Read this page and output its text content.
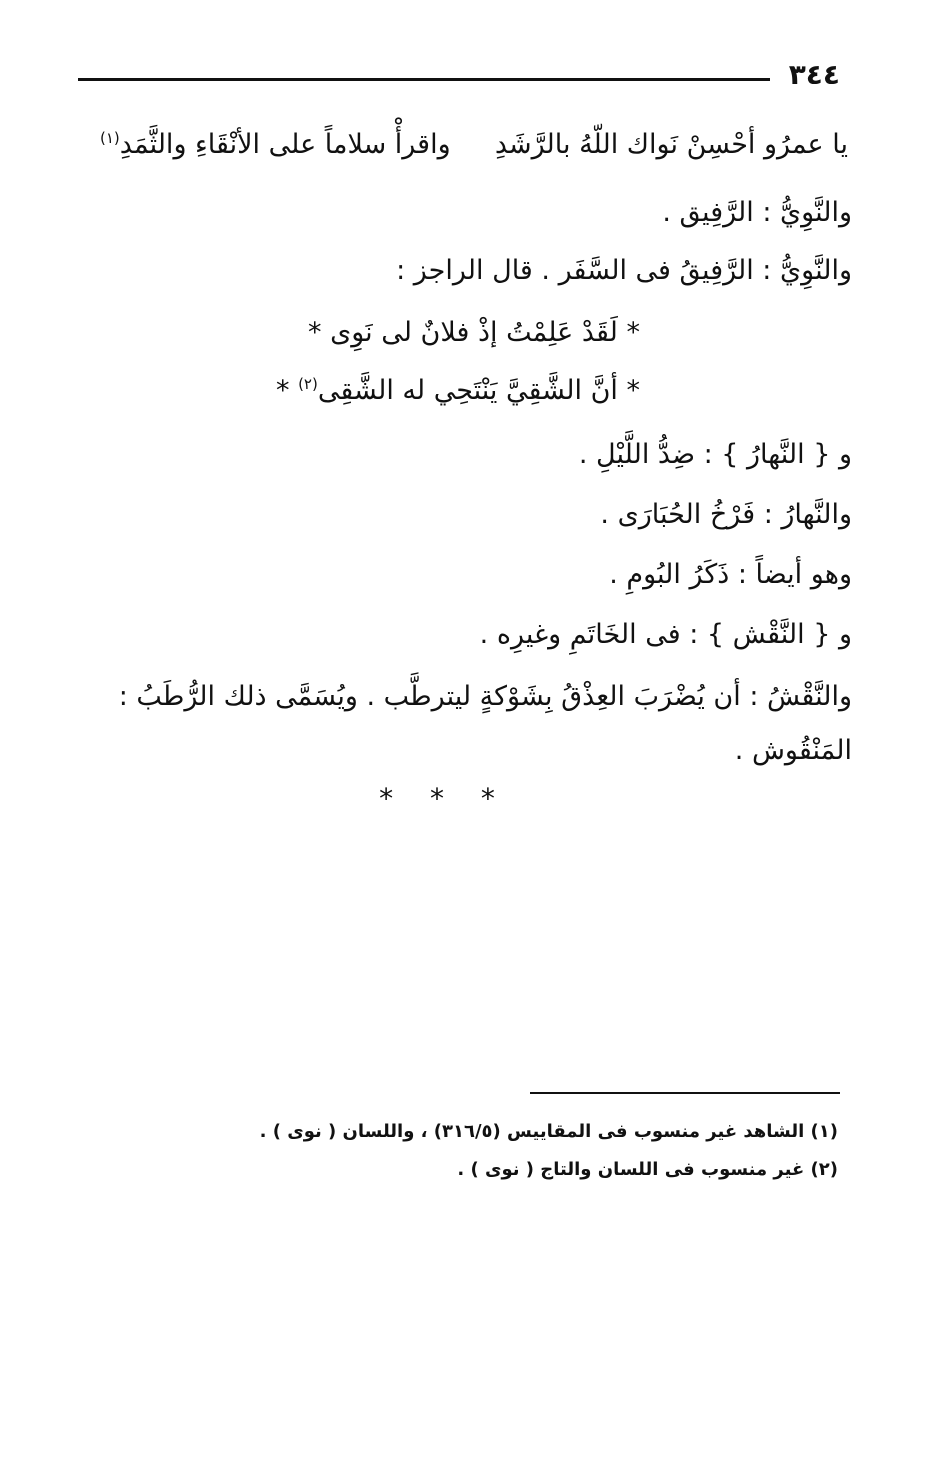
٣٤٤
يا عمرُو أحْسِنْ نَواك اللّهُ بالرَّشَدِ
واقرأْ سلاماً على الأنْقَاءِ والثَّمَدِ$^{(١)}$
والنَّوِيُّ : الرَّفِيق .
والنَّوِيُّ : الرَّفِيقُ فى السَّفَر . قال الراجز :
* لَقَدْ عَلِمْتُ إذْ فلانٌ لى نَوِى *
* أنَّ الشَّقِيَّ يَنْتَحِي له الشَّقِى$^{(٢)}$ *
و { النَّهارُ } : ضِدُّ اللَّيْلِ .
والنَّهارُ : فَرْخُ الحُبَارَى .
وهو أيضاً : ذَكَرُ البُومِ .
و { النَّقْش } : فى الخَاتَمِ وغيرِه .
والنَّقْشُ : أن يُضْرَبَ العِذْقُ بِشَوْكةٍ ليترطَّب . ويُسَمَّى ذلك الرُّطَبُ :
المَنْقُوش .
* * *
(١) الشاهد غير منسوب فى المقاييس (٣١٦/٥) ، واللسان ( نوى ) .
(٢) غير منسوب فى اللسان والتاج ( نوى ) .
